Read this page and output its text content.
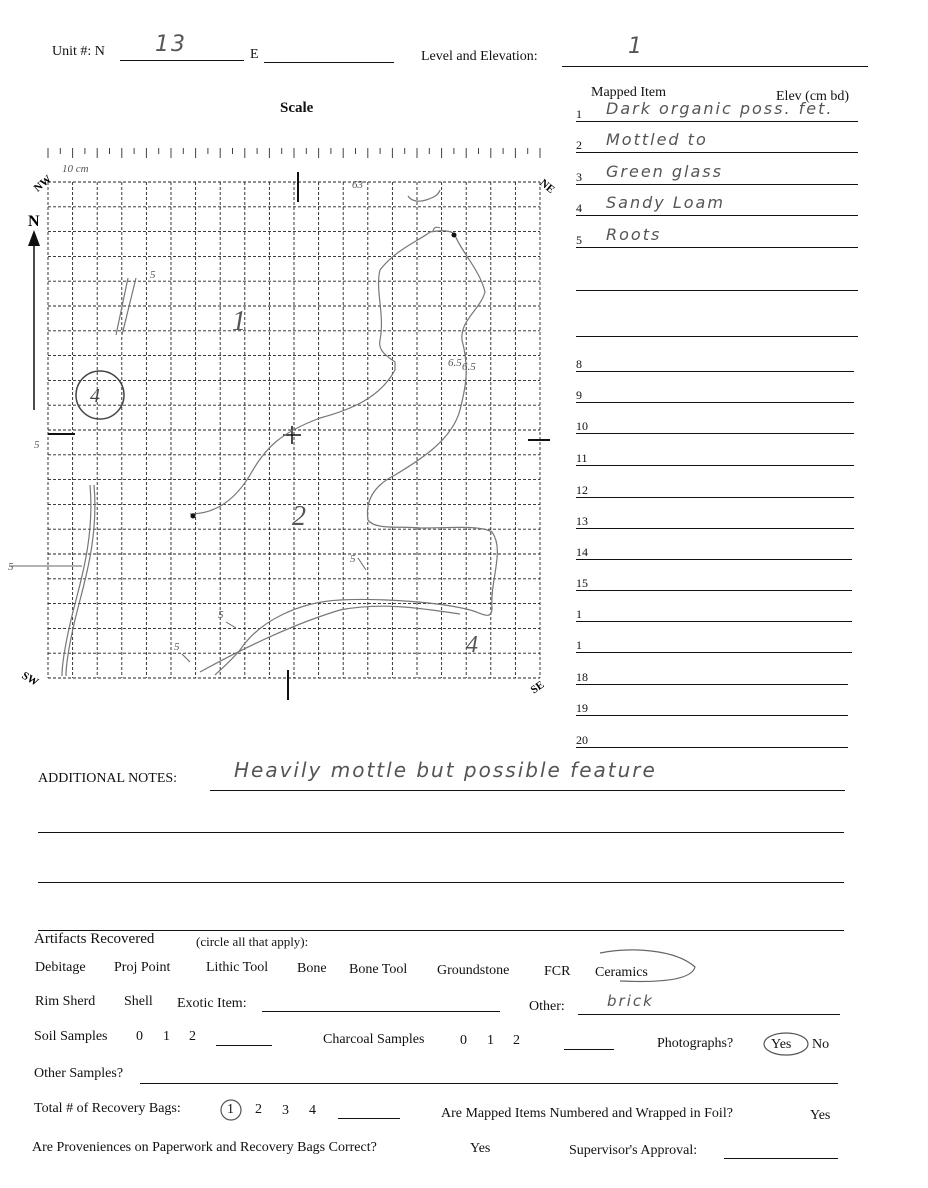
Unit #: N 13	E	Level and Elevation:	1
Scale
N
NW	NE
SW	SE
10 cm
4
1
2
4
5
5
5
5
5
5
6.5 6.5
63
Mapped Item	Elev (cm bd)
1 Dark organic poss. fet.
2 Mottled to
3 Green glass
4 Sandy Loam
5 Roots
8
9
10
11
12
13
14
15
1
1
18
19
20
ADDITIONAL NOTES:	Heavily mottle but possible feature
Artifacts Recovered	(circle all that apply):
Debitage Proj Point	Lithic Tool Bone Bone Tool Groundstone FCR Ceramics
Rim Sherd Shell Exotic Item:	Other:	brick
Soil Samples 0 1 2	Charcoal Samples	0 1 2	Photographs?	Yes No
Other Samples?
Total # of Recovery Bags:	1 2 3 4	Are Mapped Items Numbered and Wrapped in Foil?	Yes
Are Proveniences on Paperwork and Recovery Bags Correct?	Yes	Supervisor's Approval:
